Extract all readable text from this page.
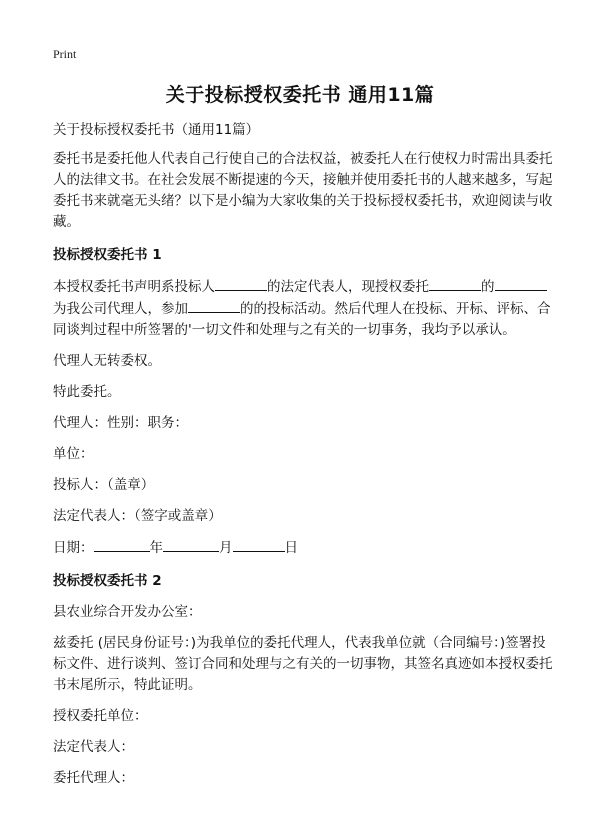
Print
关于投标授权委托书 通用11篇

关于投标授权委托书（通用11篇）

委托书是委托他人代表自己行使自己的合法权益，被委托人在行使权力时需出具委托人的法律文书。在社会发展不断提速的今天，接触并使用委托书的人越来越多，写起委托书来就毫无头绪？以下是小编为大家收集的关于投标授权委托书，欢迎阅读与收藏。

投标授权委托书 1

本授权委托书声明系投标人	的法定代表人，现授权委托	的为我公司代理人，参加	的的投标活动。然后代理人在投标、开标、评标、合同谈判过程中所签署的'一切文件和处理与之有关的一切事务，我均予以承认。

代理人无转委权。

特此委托。

代理人：性别：职务：

单位：

投标人：（盖章）

法定代表人：（签字或盖章）

日期：	年	月	日

投标授权委托书 2

县农业综合开发办公室：

兹委托 (居民身份证号：)为我单位的委托代理人，代表我单位就（合同编号：)签署投标文件、进行谈判、签订合同和处理与之有关的一切事物，其签名真迹如本授权委托书末尾所示，特此证明。

授权委托单位：

法定代表人：

委托代理人：
